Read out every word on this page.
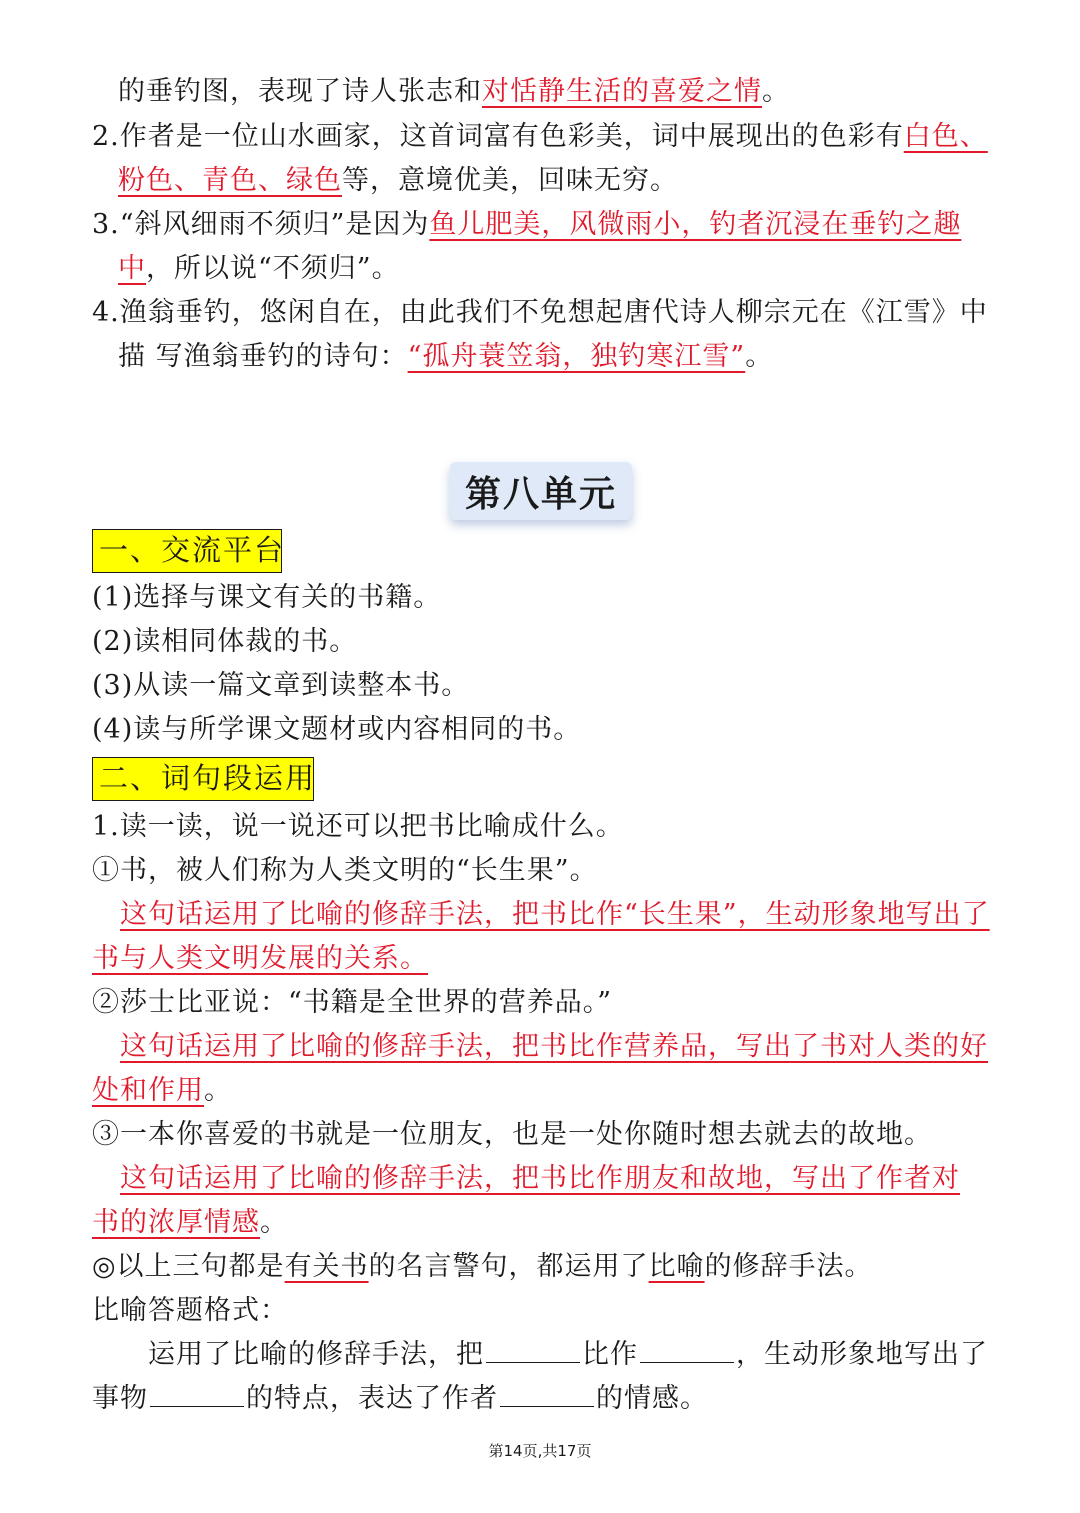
的垂钓图，表现了诗人张志和对恬静生活的喜爱之情。
2.作者是一位山水画家，这首词富有色彩美，词中展现出的色彩有白色、
粉色、青色、绿色等，意境优美，回味无穷。
3.“斜风细雨不须归”是因为鱼儿肥美，风微雨小，钓者沉浸在垂钓之趣
中，所以说“不须归”。
4.渔翁垂钓，悠闲自在，由此我们不免想起唐代诗人柳宗元在《江雪》中
描 写渔翁垂钓的诗句：“孤舟蓑笠翁，独钓寒江雪”。
第八单元
一、交流平台
(1)选择与课文有关的书籍。
(2)读相同体裁的书。
(3)从读一篇文章到读整本书。
(4)读与所学课文题材或内容相同的书。
二、词句段运用
1.读一读，说一说还可以把书比喻成什么。
①书，被人们称为人类文明的“长生果”。
这句话运用了比喻的修辞手法，把书比作“长生果”，生动形象地写出了
书与人类文明发展的关系。
②莎士比亚说：“书籍是全世界的营养品。”
这句话运用了比喻的修辞手法，把书比作营养品，写出了书对人类的好
处和作用。
③一本你喜爱的书就是一位朋友，也是一处你随时想去就去的故地。
这句话运用了比喻的修辞手法，把书比作朋友和故地，写出了作者对
书的浓厚情感。
◎以上三句都是有关书的名言警句，都运用了比喻的修辞手法。
比喻答题格式：
运用了比喻的修辞手法，把	比作	，生动形象地写出了
事物	的特点，表达了作者	的情感。
第14页,共17页
